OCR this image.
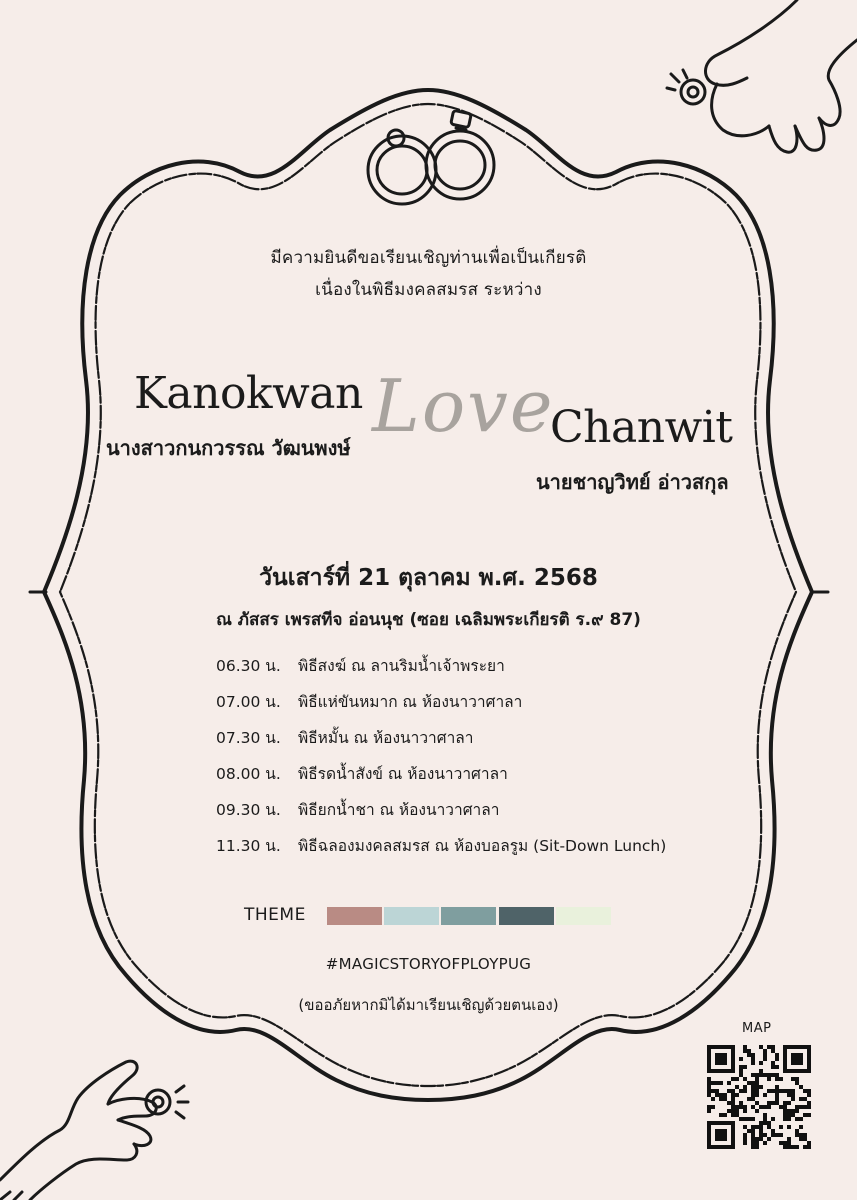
มีความยินดีขอเรียนเชิญท่านเพื่อเป็นเกียรติ
เนื่องในพิธีมงคลสมรส ระหว่าง
Love
Kanokwan
นางสาวกนกวรรณ วัฒนพงษ์	Chanwit
นายชาญวิทย์ อ่าวสกุล
วันเสาร์ที่ 21 ตุลาคม พ.ศ. 2568
ณ ภัสสร เพรสทีจ อ่อนนุช (ซอย เฉลิมพระเกียรติ ร.๙ 87)
06.30 น. พิธีสงฆ์ ณ ลานริมน้ำเจ้าพระยา
07.00 น. พิธีแห่ขันหมาก ณ ห้องนาวาศาลา
07.30 น. พิธีหมั้น ณ ห้องนาวาศาลา
08.00 น. พิธีรดน้ำสังข์ ณ ห้องนาวาศาลา
09.30 น. พิธียกน้ำชา ณ ห้องนาวาศาลา
11.30 น. พิธีฉลองมงคลสมรส ณ ห้องบอลรูม (Sit-Down Lunch)
THEME
#MAGICSTORYOFPLOYPUG
(ขออภัยหากมิได้มาเรียนเชิญด้วยตนเอง)
MAP
